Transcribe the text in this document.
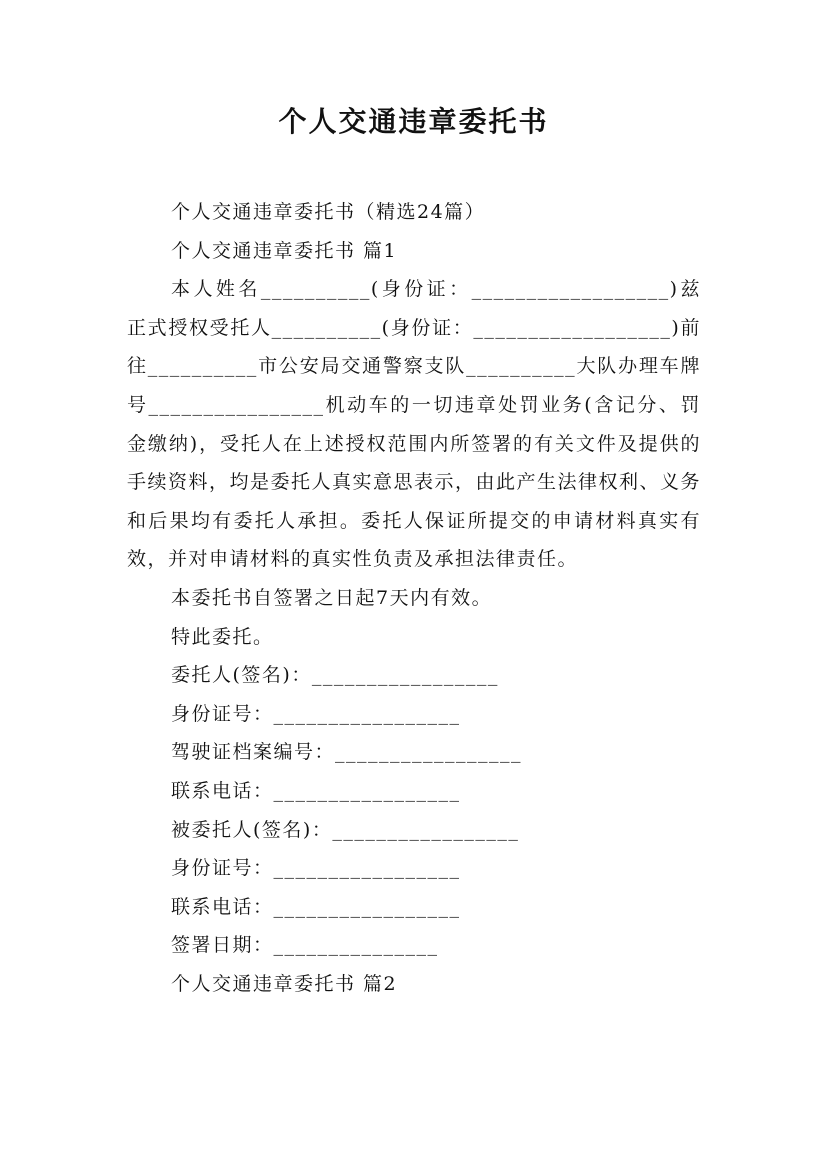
个人交通违章委托书

个人交通违章委托书（精选24篇）

个人交通违章委托书 篇1

本人姓名__________(身份证：__________________)兹正式授权受托人__________(身份证：__________________)前往__________市公安局交通警察支队__________大队办理车牌号________________机动车的一切违章处罚业务(含记分、罚金缴纳)，受托人在上述授权范围内所签署的有关文件及提供的手续资料，均是委托人真实意思表示，由此产生法律权利、义务和后果均有委托人承担。委托人保证所提交的申请材料真实有效，并对申请材料的真实性负责及承担法律责任。

本委托书自签署之日起7天内有效。

特此委托。

委托人(签名)：_________________

身份证号：_________________

驾驶证档案编号：_________________

联系电话：_________________

被委托人(签名)：_________________

身份证号：_________________

联系电话：_________________

签署日期：_______________

个人交通违章委托书 篇2
